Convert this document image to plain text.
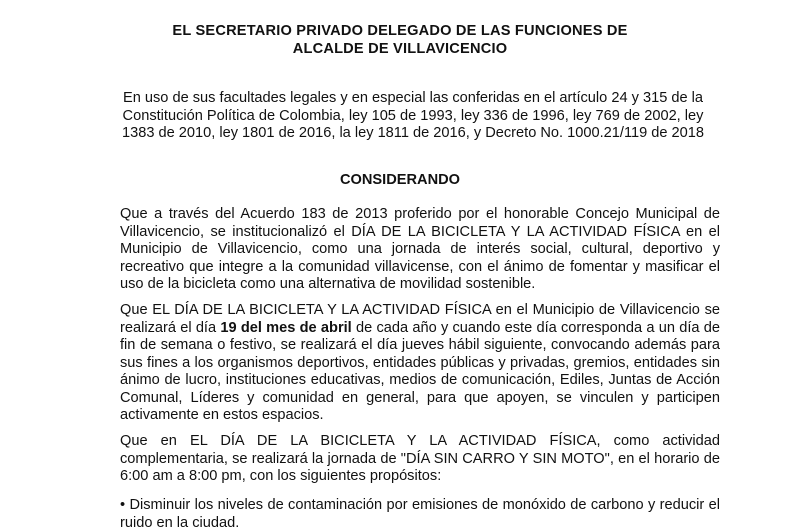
EL SECRETARIO PRIVADO DELEGADO DE LAS FUNCIONES DE
ALCALDE DE VILLAVICENCIO
En uso de sus facultades legales y en especial las conferidas en el artículo 24 y 315 de la
Constitución Política de Colombia, ley 105 de 1993, ley 336 de 1996, ley 769 de 2002, ley
1383 de 2010, ley 1801 de 2016, la ley 1811 de 2016, y Decreto No. 1000.21/119 de 2018
CONSIDERANDO
Que a través del Acuerdo 183 de 2013 proferido por el honorable Concejo Municipal de Villavicencio, se institucionalizó el DÍA DE LA BICICLETA Y LA ACTIVIDAD FÍSICA en el Municipio de Villavicencio, como una jornada de interés social, cultural, deportivo y recreativo que integre a la comunidad villavicense, con el ánimo de fomentar y masificar el uso de la bicicleta como una alternativa de movilidad sostenible.
Que EL DÍA DE LA BICICLETA Y LA ACTIVIDAD FÍSICA en el Municipio de Villavicencio se realizará el día 19 del mes de abril de cada año y cuando este día corresponda a un día de fin de semana o festivo, se realizará el día jueves hábil siguiente, convocando además para sus fines a los organismos deportivos, entidades públicas y privadas, gremios, entidades sin ánimo de lucro, instituciones educativas, medios de comunicación, Ediles, Juntas de Acción Comunal, Líderes y comunidad en general, para que apoyen, se vinculen y participen activamente en estos espacios.
Que en EL DÍA DE LA BICICLETA Y LA ACTIVIDAD FÍSICA, como actividad complementaria, se realizará la jornada de "DÍA SIN CARRO Y SIN MOTO", en el horario de 6:00 am a 8:00 pm, con los siguientes propósitos:
• Disminuir los niveles de contaminación por emisiones de monóxido de carbono y reducir el ruido en la ciudad.
